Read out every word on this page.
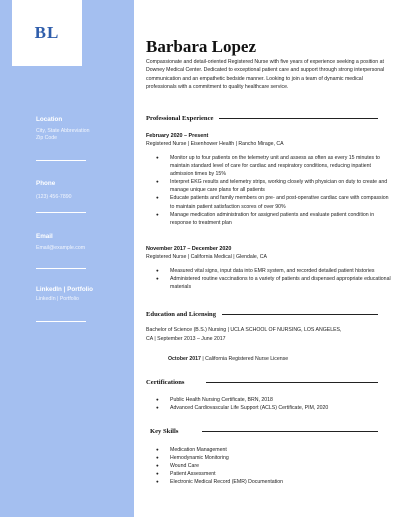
BL
Location
City, State Abbreviation
Zip Code
Phone
(123) 456-7890
Email
Email@example.com
LinkedIn | Portfolio
LinkedIn | Portfolio
Barbara Lopez
Compassionate and detail-oriented Registered Nurse with five years of experience seeking a position at Downey Medical Center. Dedicated to exceptional patient care and support through strong interpersonal communication and an empathetic bedside manner. Looking to join a team of dynamic medical professionals with a commitment to quality healthcare service.
Professional Experience
February 2020 – Present
Registered Nurse | Eisenhower Health | Rancho Mirage, CA
● Monitor up to four patients on the telemetry unit and assess as often as every 15 minutes to maintain standard level of care for cardiac and respiratory conditions, reducing inpatient admission times by 15%
● Interpret EKG results and telemetry strips, working closely with physician on duty to create and manage unique care plans for all patients
● Educate patients and family members on pre- and post-operative cardiac care with compassion to maintain patient satisfaction scores of over 90%
● Manage medication administration for assigned patients and evaluate patient condition in response to treatment plan
November 2017 – December 2020
Registered Nurse | California Medical | Glendale, CA
● Measured vital signs, input data into EMR system, and recorded detailed patient histories
● Administered routine vaccinations to a variety of patients and dispensed appropriate educational materials
Education and Licensing
Bachelor of Science (B.S.) Nursing | UCLA SCHOOL OF NURSING, LOS ANGELES,
CA | September 2013 – June 2017
October 2017 | California Registered Nurse License
Certifications
● Public Health Nursing Certificate, BRN, 2018
● Advanced Cardiovascular Life Support (ACLS) Certificate, PIM, 2020
Key Skills
● Medication Management
● Hemodynamic Monitoring
● Wound Care
● Patient Assessment
● Electronic Medical Record (EMR) Documentation
